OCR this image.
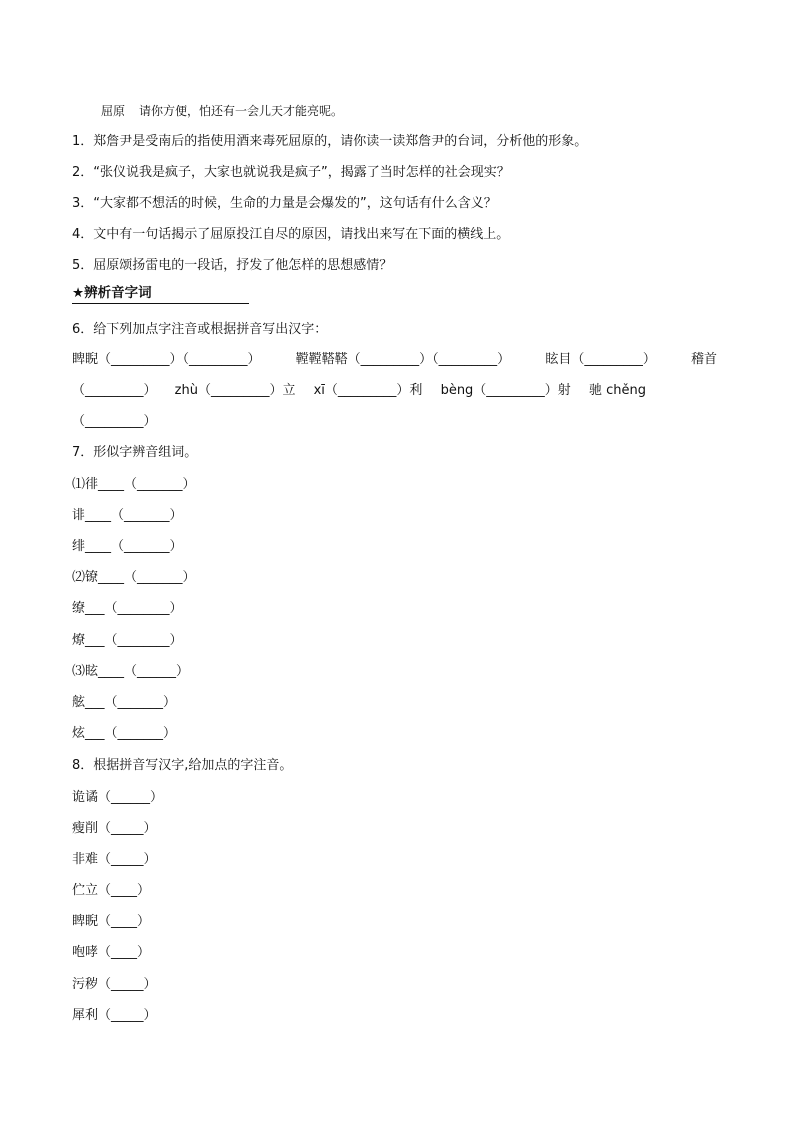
屈原 请你方便，怕还有一会儿天才能亮呢。
1．郑詹尹是受南后的指使用酒来毒死屈原的，请你读一读郑詹尹的台词，分析他的形象。
2．“张仪说我是疯子，大家也就说我是疯子”，揭露了当时怎样的社会现实？
3．“大家都不想活的时候，生命的力量是会爆发的”，这句话有什么含义？
4．文中有一句话揭示了屈原投江自尽的原因，请找出来写在下面的横线上。
5．屈原颂扬雷电的一段话，抒发了他怎样的思想感情？
★辨析音字词
6．给下列加点字注音或根据拼音写出汉字：
睥睨（_________）（_________）	鞺鞺鞳鞳（_________）（_________）	眩目（_________）	稽首
（_________） zhù（_________）立 xī（_________）利 bèng（_________）射 驰 chěng
（_________）
7．形似字辨音组词。
⑴徘____（_______）
诽____（_______）
绯____（_______）
⑵镣____（_______）
缭___（________）
燎___（________）
⑶眩____（______）
舷___（_______）
炫___（_______）
8．根据拼音写汉字,给加点的字注音。
诡谲（______）
瘦削（_____）
非难（_____）
伫立（____）
睥睨（____）
咆哮（____）
污秽（_____）
犀利（_____）
